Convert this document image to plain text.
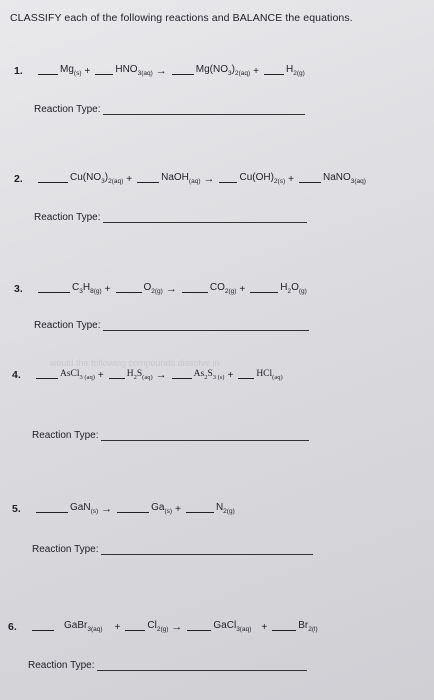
CLASSIFY each of the following reactions and BALANCE the equations.
would the following compounds dissolve in
1.	$Mg_{(s)}$ +	$HNO_{3(aq)}$ →	$Mg(NO_3)_{2(aq)}$ +	$H_{2(g)}$
Reaction Type:
2.	$Cu(NO_3)_{2(aq)}$ +	NaOH$_{(aq)}$ →	$Cu(OH)_{2(s)}$ +	NaNO$_{3(aq)}$
Reaction Type:
3.	$C_3H_{8(g)}$ +	$O_{2(g)}$ →	$CO_{2(g)}$ +	$H_2O_{(g)}$
Reaction Type:
4.	AsCl$_{3 (aq)}$ + $H_2S_{(aq)}$ →	$As_2S_{3 (s)} + HCl_{(aq)}$
Reaction Type:
5.	GaN$_{(s)}$ →	$Ga_{(s)}$ +	$N_{2(g)}$
Reaction Type:
6.	GaBr$_{3(aq)}$ +	$Cl_{2(g)}$ →	GaCl$_{3(aq)}$ +	$Br_{2(l)}$
Reaction Type:
